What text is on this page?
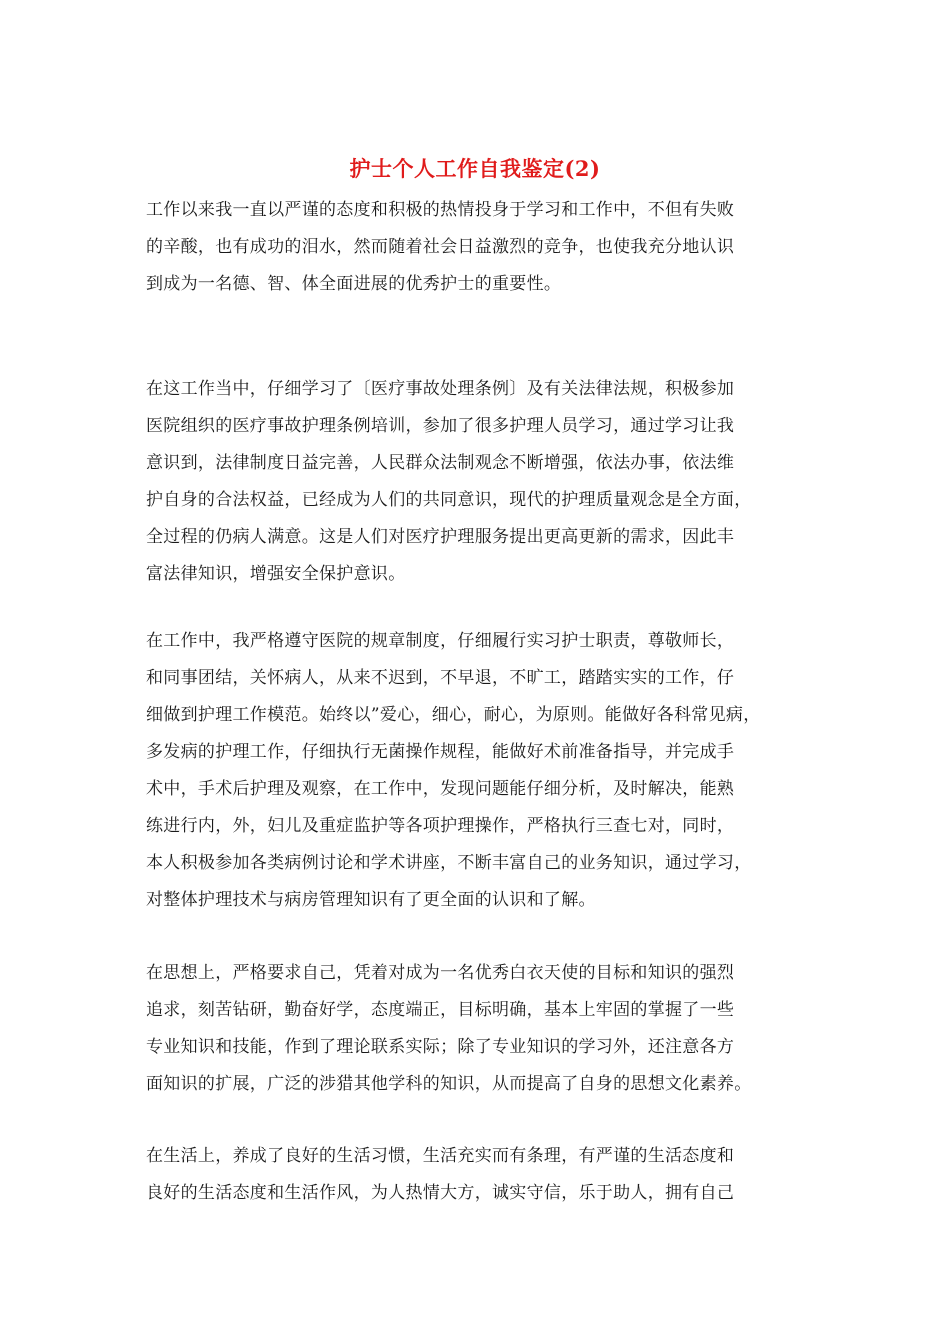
护士个人工作自我鉴定(2)
工作以来我一直以严谨的态度和积极的热情投身于学习和工作中，不但有失败
的辛酸，也有成功的泪水，然而随着社会日益激烈的竞争，也使我充分地认识
到成为一名德、智、体全面进展的优秀护士的重要性。
在这工作当中，仔细学习了〔医疗事故处理条例〕及有关法律法规，积极参加
医院组织的医疗事故护理条例培训，参加了很多护理人员学习，通过学习让我
意识到，法律制度日益完善，人民群众法制观念不断增强，依法办事，依法维
护自身的合法权益，已经成为人们的共同意识，现代的护理质量观念是全方面，
全过程的仍病人满意。这是人们对医疗护理服务提出更高更新的需求，因此丰
富法律知识，增强安全保护意识。
在工作中，我严格遵守医院的规章制度，仔细履行实习护士职责，尊敬师长，
和同事团结，关怀病人，从来不迟到，不早退，不旷工，踏踏实实的工作，仔
细做到护理工作模范。始终以”爱心，细心，耐心，为原则。能做好各科常见病，
多发病的护理工作，仔细执行无菌操作规程，能做好术前准备指导，并完成手
术中，手术后护理及观察，在工作中，发现问题能仔细分析，及时解决，能熟
练进行内，外，妇儿及重症监护等各项护理操作，严格执行三查七对，同时，
本人积极参加各类病例讨论和学术讲座，不断丰富自己的业务知识，通过学习，
对整体护理技术与病房管理知识有了更全面的认识和了解。
在思想上，严格要求自己，凭着对成为一名优秀白衣天使的目标和知识的强烈
追求，刻苦钻研，勤奋好学，态度端正，目标明确，基本上牢固的掌握了一些
专业知识和技能，作到了理论联系实际；除了专业知识的学习外，还注意各方
面知识的扩展，广泛的涉猎其他学科的知识，从而提高了自身的思想文化素养。
在生活上，养成了良好的生活习惯，生活充实而有条理，有严谨的生活态度和
良好的生活态度和生活作风，为人热情大方，诚实守信，乐于助人，拥有自己
